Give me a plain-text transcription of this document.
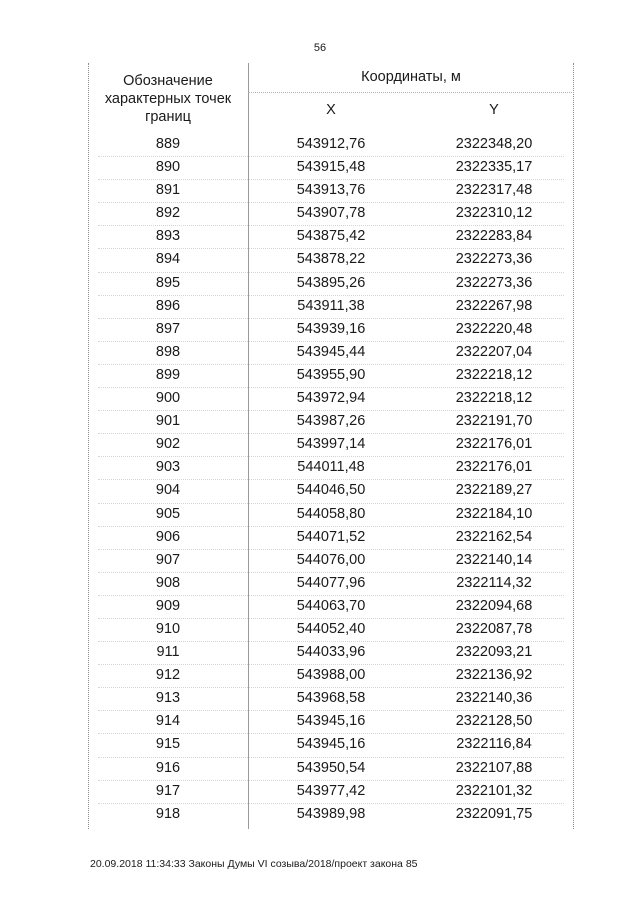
56
Обозначение
характерных точек
границ
Координаты, м
X	Y
889	543912,76	2322348,20
890	543915,48	2322335,17
891	543913,76	2322317,48
892	543907,78	2322310,12
893	543875,42	2322283,84
894	543878,22	2322273,36
895	543895,26	2322273,36
896	543911,38	2322267,98
897	543939,16	2322220,48
898	543945,44	2322207,04
899	543955,90	2322218,12
900	543972,94	2322218,12
901	543987,26	2322191,70
902	543997,14	2322176,01
903	544011,48	2322176,01
904	544046,50	2322189,27
905	544058,80	2322184,10
906	544071,52	2322162,54
907	544076,00	2322140,14
908	544077,96	2322114,32
909	544063,70	2322094,68
910	544052,40	2322087,78
911	544033,96	2322093,21
912	543988,00	2322136,92
913	543968,58	2322140,36
914	543945,16	2322128,50
915	543945,16	2322116,84
916	543950,54	2322107,88
917	543977,42	2322101,32
918	543989,98	2322091,75
20.09.2018 11:34:33 Законы Думы VI созыва/2018/проект закона 85
